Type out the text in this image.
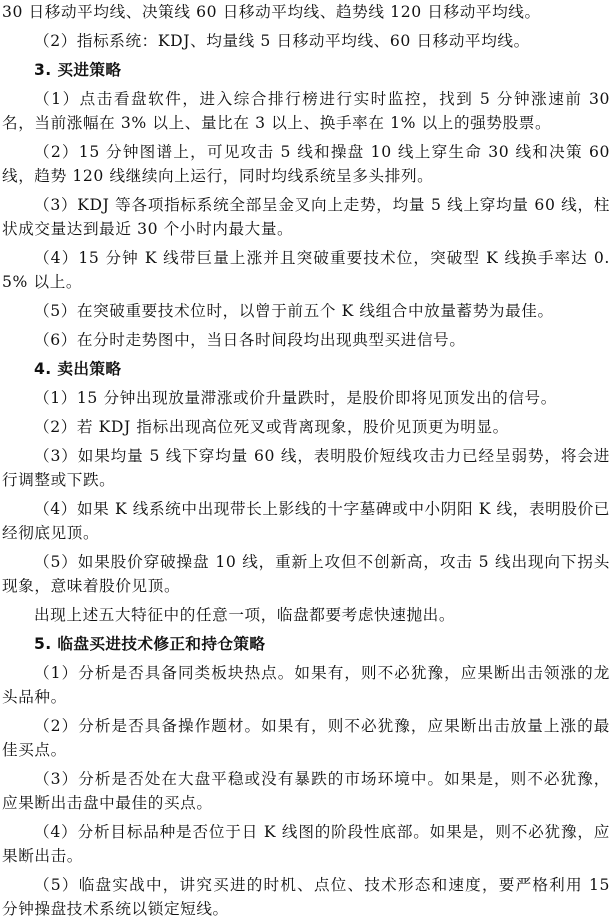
30 日移动平均线、决策线 60 日移动平均线、趋势线 120 日移动平均线。

（2）指标系统：KDJ、均量线 5 日移动平均线、60 日移动平均线。

3. 买进策略

（1）点击看盘软件，进入综合排行榜进行实时监控，找到 5 分钟涨速前 30 名，当前涨幅在 3% 以上、量比在 3 以上、换手率在 1% 以上的强势股票。

（2）15 分钟图谱上，可见攻击 5 线和操盘 10 线上穿生命 30 线和决策 60 线，趋势 120 线继续向上运行，同时均线系统呈多头排列。

（3）KDJ 等各项指标系统全部呈金叉向上走势，均量 5 线上穿均量 60 线，柱状成交量达到最近 30 个小时内最大量。

（4）15 分钟 K 线带巨量上涨并且突破重要技术位，突破型 K 线换手率达 0.5% 以上。

（5）在突破重要技术位时，以曾于前五个 K 线组合中放量蓄势为最佳。

（6）在分时走势图中，当日各时间段均出现典型买进信号。

4. 卖出策略

（1）15 分钟出现放量滞涨或价升量跌时，是股价即将见顶发出的信号。

（2）若 KDJ 指标出现高位死叉或背离现象，股价见顶更为明显。

（3）如果均量 5 线下穿均量 60 线，表明股价短线攻击力已经呈弱势，将会进行调整或下跌。

（4）如果 K 线系统中出现带长上影线的十字墓碑或中小阴阳 K 线，表明股价已经彻底见顶。

（5）如果股价穿破操盘 10 线，重新上攻但不创新高，攻击 5 线出现向下拐头现象，意味着股价见顶。

出现上述五大特征中的任意一项，临盘都要考虑快速抛出。

5. 临盘买进技术修正和持仓策略

（1）分析是否具备同类板块热点。如果有，则不必犹豫，应果断出击领涨的龙头品种。

（2）分析是否具备操作题材。如果有，则不必犹豫，应果断出击放量上涨的最佳买点。

（3）分析是否处在大盘平稳或没有暴跌的市场环境中。如果是，则不必犹豫，应果断出击盘中最佳的买点。

（4）分析目标品种是否位于日 K 线图的阶段性底部。如果是，则不必犹豫，应果断出击。

（5）临盘实战中，讲究买进的时机、点位、技术形态和速度，要严格利用 15 分钟操盘技术系统以锁定短线。
